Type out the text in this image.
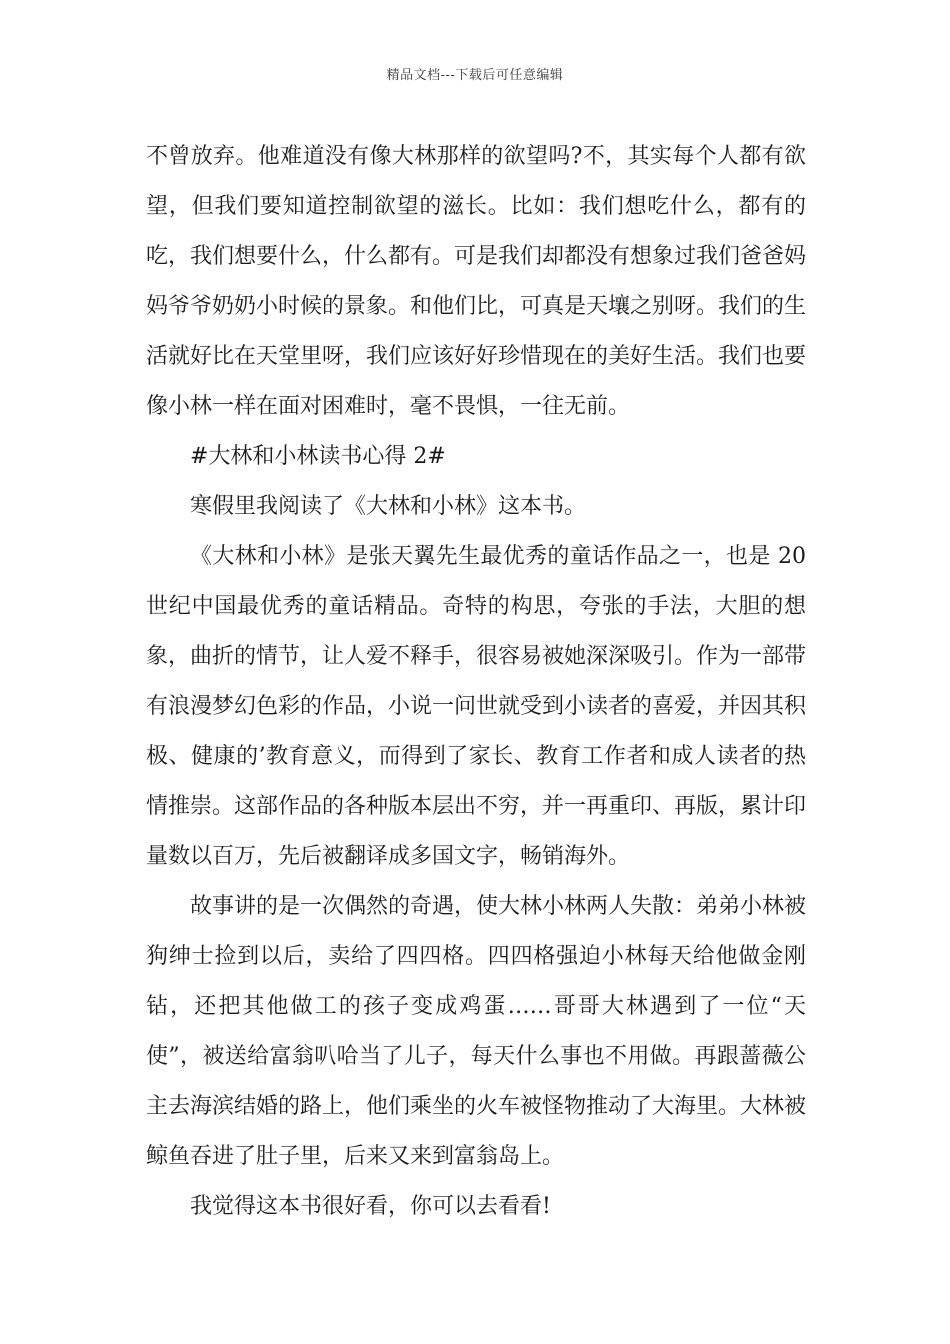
精品文档---下载后可任意编辑

不曾放弃。他难道没有像大林那样的欲望吗?不，其实每个人都有欲望，但我们要知道控制欲望的滋长。比如：我们想吃什么，都有的吃，我们想要什么，什么都有。可是我们却都没有想象过我们爸爸妈妈爷爷奶奶小时候的景象。和他们比，可真是天壤之别呀。我们的生活就好比在天堂里呀，我们应该好好珍惜现在的美好生活。我们也要像小林一样在面对困难时，毫不畏惧，一往无前。

#大林和小林读书心得 2#

寒假里我阅读了《大林和小林》这本书。

《大林和小林》是张天翼先生最优秀的童话作品之一，也是 20 世纪中国最优秀的童话精品。奇特的构思，夸张的手法，大胆的想象，曲折的情节，让人爱不释手，很容易被她深深吸引。作为一部带有浪漫梦幻色彩的作品，小说一问世就受到小读者的喜爱，并因其积极、健康的’教育意义，而得到了家长、教育工作者和成人读者的热情推崇。这部作品的各种版本层出不穷，并一再重印、再版，累计印量数以百万，先后被翻译成多国文字，畅销海外。

故事讲的是一次偶然的奇遇，使大林小林两人失散：弟弟小林被狗绅士捡到以后，卖给了四四格。四四格强迫小林每天给他做金刚钻，还把其他做工的孩子变成鸡蛋……哥哥大林遇到了一位“天使”，被送给富翁叭哈当了儿子，每天什么事也不用做。再跟蔷薇公主去海滨结婚的路上，他们乘坐的火车被怪物推动了大海里。大林被鲸鱼吞进了肚子里，后来又来到富翁岛上。

我觉得这本书很好看，你可以去看看!
